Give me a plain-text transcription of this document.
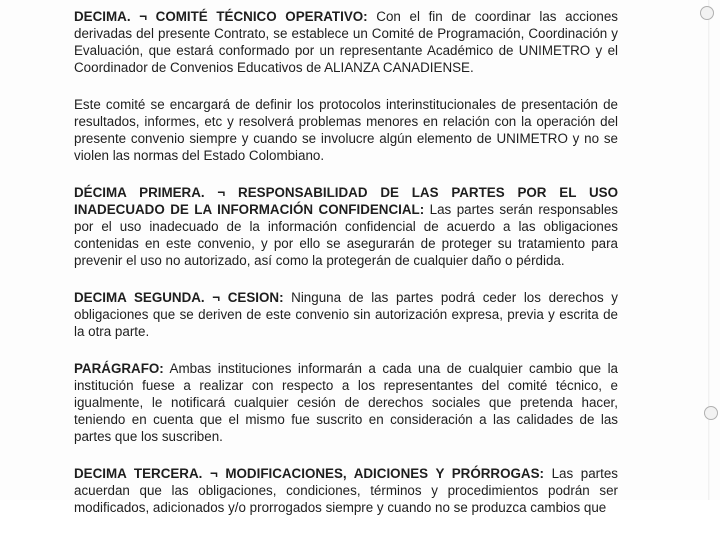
DECIMA. ¬ COMITÉ TÉCNICO OPERATIVO: Con el fin de coordinar las acciones derivadas del presente Contrato, se establece un Comité de Programación, Coordinación y Evaluación, que estará conformado por un representante Académico de UNIMETRO y el Coordinador de Convenios Educativos de ALIANZA CANADIENSE.

Este comité se encargará de definir los protocolos interinstitucionales de presentación de resultados, informes, etc y resolverá problemas menores en relación con la operación del presente convenio siempre y cuando se involucre algún elemento de UNIMETRO y no se violen las normas del Estado Colombiano.

DÉCIMA PRIMERA. ¬ RESPONSABILIDAD DE LAS PARTES POR EL USO INADECUADO DE LA INFORMACIÓN CONFIDENCIAL: Las partes serán responsables por el uso inadecuado de la información confidencial de acuerdo a las obligaciones contenidas en este convenio, y por ello se asegurarán de proteger su tratamiento para prevenir el uso no autorizado, así como la protegerán de cualquier daño o pérdida.

DECIMA SEGUNDA. ¬ CESION: Ninguna de las partes podrá ceder los derechos y obligaciones que se deriven de este convenio sin autorización expresa, previa y escrita de la otra parte.

PARÁGRAFO: Ambas instituciones informarán a cada una de cualquier cambio que la institución fuese a realizar con respecto a los representantes del comité técnico, e igualmente, le notificará cualquier cesión de derechos sociales que pretenda hacer, teniendo en cuenta que el mismo fue suscrito en consideración a las calidades de las partes que los suscriben.

DECIMA TERCERA. ¬ MODIFICACIONES, ADICIONES Y PRÓRROGAS: Las partes acuerdan que las obligaciones, condiciones, términos y procedimientos podrán ser modificados, adicionados y/o prorrogados siempre y cuando no se produzca cambios que
